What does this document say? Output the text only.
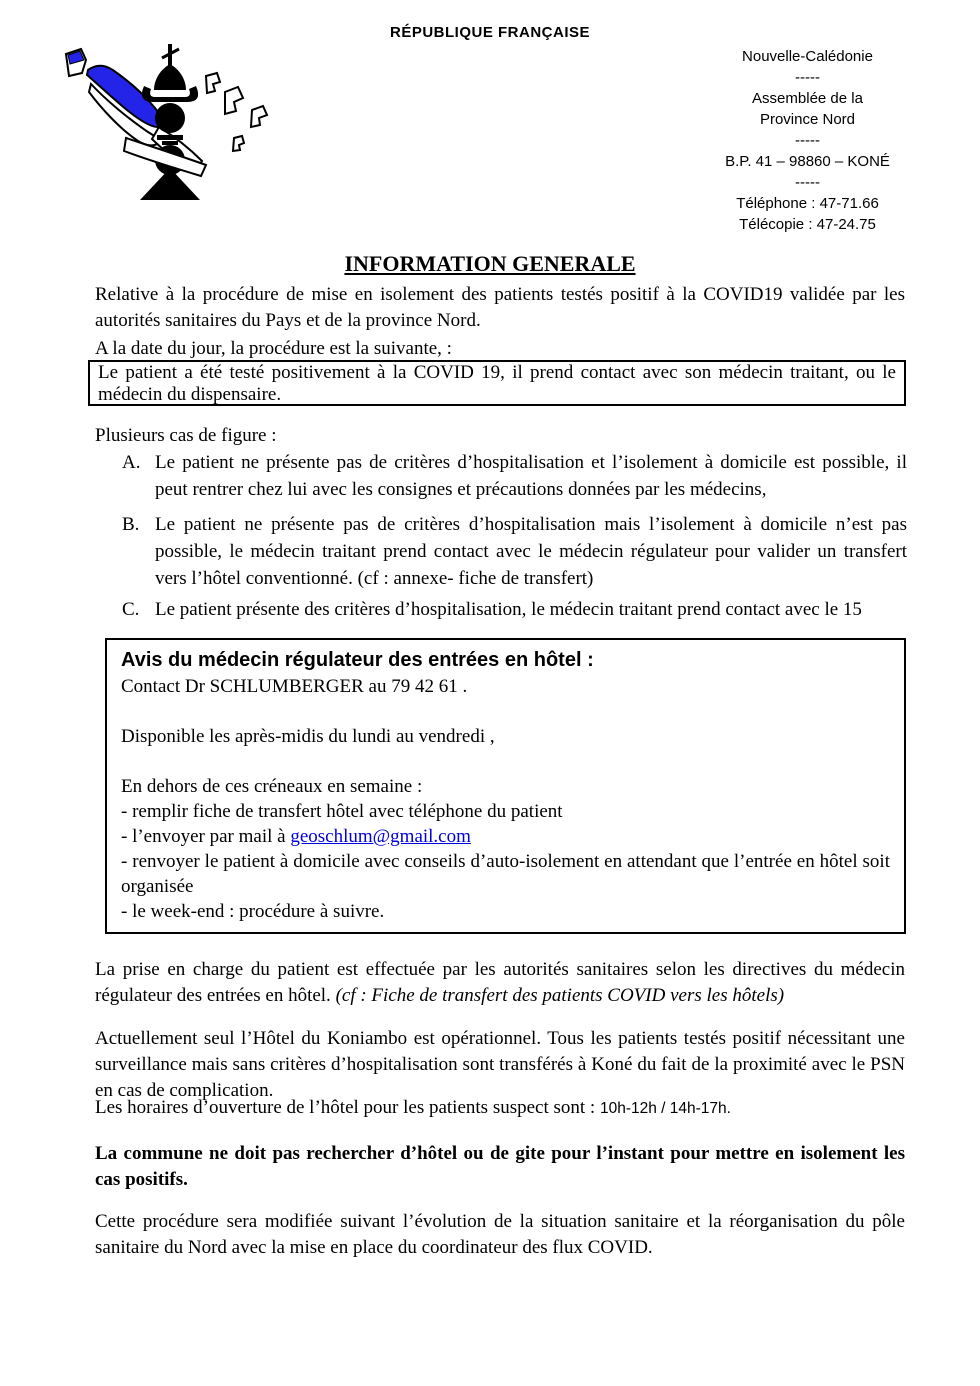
RÉPUBLIQUE FRANÇAISE
Nouvelle-Calédonie
-----
Assemblée de la
Province Nord
-----
B.P. 41 – 98860 – KONÉ
-----
Téléphone : 47-71.66
Télécopie : 47-24.75
INFORMATION GENERALE
Relative à la procédure de mise en isolement des patients testés positif à la COVID19 validée par les autorités sanitaires du Pays et de la province Nord.
A la date du jour, la procédure est la suivante, :
Le patient a été testé positivement à la COVID 19, il prend contact avec son médecin traitant, ou le médecin du dispensaire.
Plusieurs cas de figure :
A. Le patient ne présente pas de critères d’hospitalisation et l’isolement à domicile est possible, il peut rentrer chez lui avec les consignes et précautions données par les médecins,
B. Le patient ne présente pas de critères d’hospitalisation mais l’isolement à domicile n’est pas possible, le médecin traitant prend contact avec le médecin régulateur pour valider un transfert vers l’hôtel conventionné. (cf : annexe- fiche de transfert)
C. Le patient présente des critères d’hospitalisation, le médecin traitant prend contact avec le 15
Avis du médecin régulateur des entrées en hôtel :
Contact Dr SCHLUMBERGER au 79 42 61 .
Disponible les après-midis du lundi au vendredi ,
En dehors de ces créneaux en semaine :
- remplir fiche de transfert hôtel avec téléphone du patient
- l’envoyer par mail à geoschlum@gmail.com
- renvoyer le patient à domicile avec conseils d’auto-isolement en attendant que l’entrée en hôtel soit organisée
- le week-end : procédure à suivre.
La prise en charge du patient est effectuée par les autorités sanitaires selon les directives du médecin régulateur des entrées en hôtel. (cf : Fiche de transfert des patients COVID vers les hôtels)
Actuellement seul l’Hôtel du Koniambo est opérationnel. Tous les patients testés positif nécessitant une surveillance mais sans critères d’hospitalisation sont transférés à Koné du fait de la proximité avec le PSN en cas de complication.
Les horaires d’ouverture de l’hôtel pour les patients suspect sont : 10h-12h / 14h-17h.
La commune ne doit pas rechercher d’hôtel ou de gite pour l’instant pour mettre en isolement les cas positifs.
Cette procédure sera modifiée suivant l’évolution de la situation sanitaire et la réorganisation du pôle sanitaire du Nord avec la mise en place du coordinateur des flux COVID.
